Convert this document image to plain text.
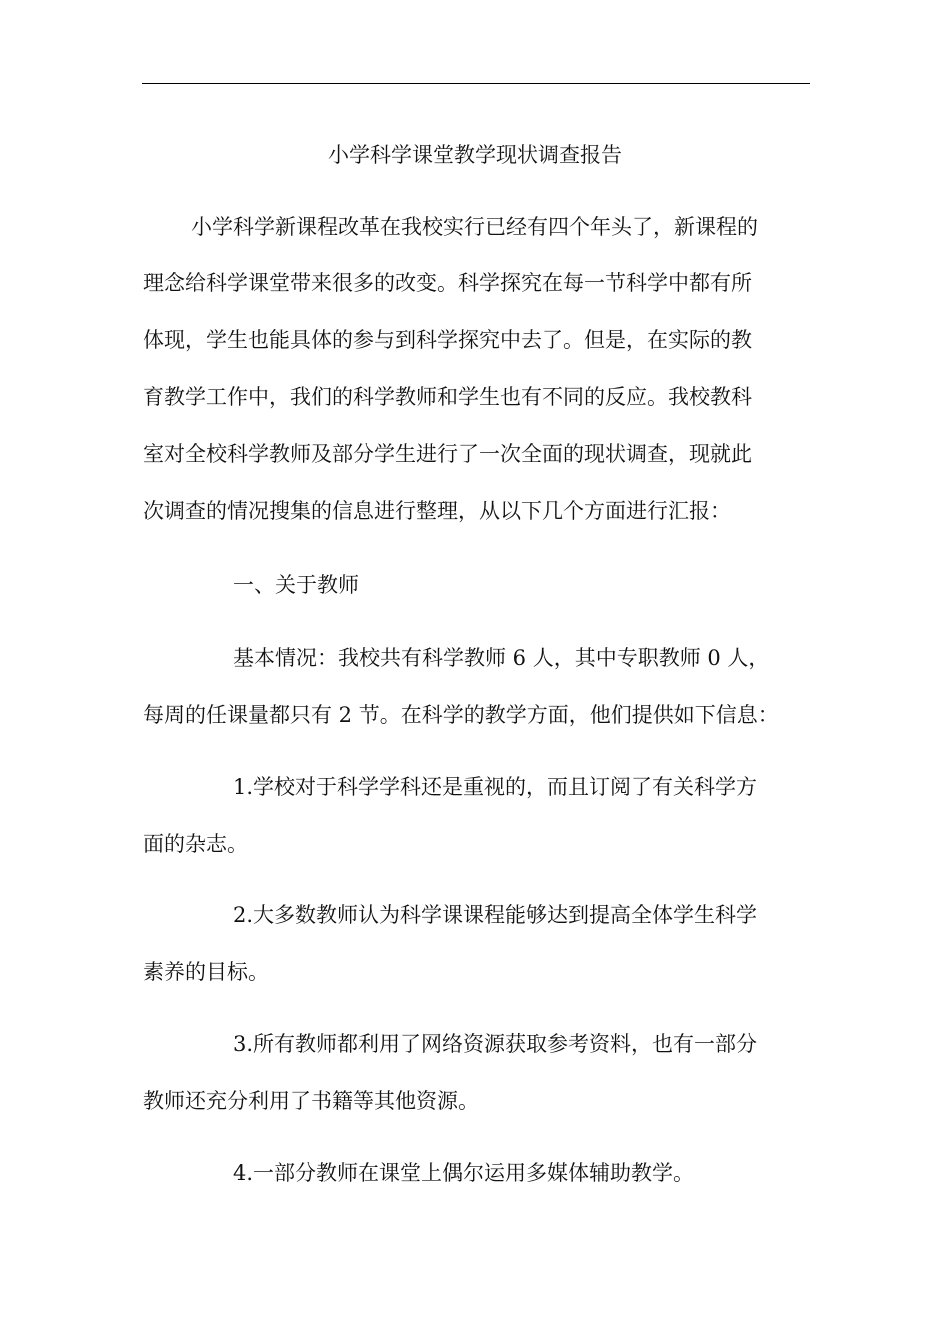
小学科学课堂教学现状调查报告
小学科学新课程改革在我校实行已经有四个年头了，新课程的
理念给科学课堂带来很多的改变。科学探究在每一节科学中都有所
体现，学生也能具体的参与到科学探究中去了。但是，在实际的教
育教学工作中，我们的科学教师和学生也有不同的反应。我校教科
室对全校科学教师及部分学生进行了一次全面的现状调查，现就此
次调查的情况搜集的信息进行整理，从以下几个方面进行汇报：
一、关于教师
基本情况：我校共有科学教师 6 人，其中专职教师 0 人，
每周的任课量都只有 2 节。在科学的教学方面，他们提供如下信息：
1.学校对于科学学科还是重视的，而且订阅了有关科学方
面的杂志。
2.大多数教师认为科学课课程能够达到提高全体学生科学
素养的目标。
3.所有教师都利用了网络资源获取参考资料，也有一部分
教师还充分利用了书籍等其他资源。
4.一部分教师在课堂上偶尔运用多媒体辅助教学。
